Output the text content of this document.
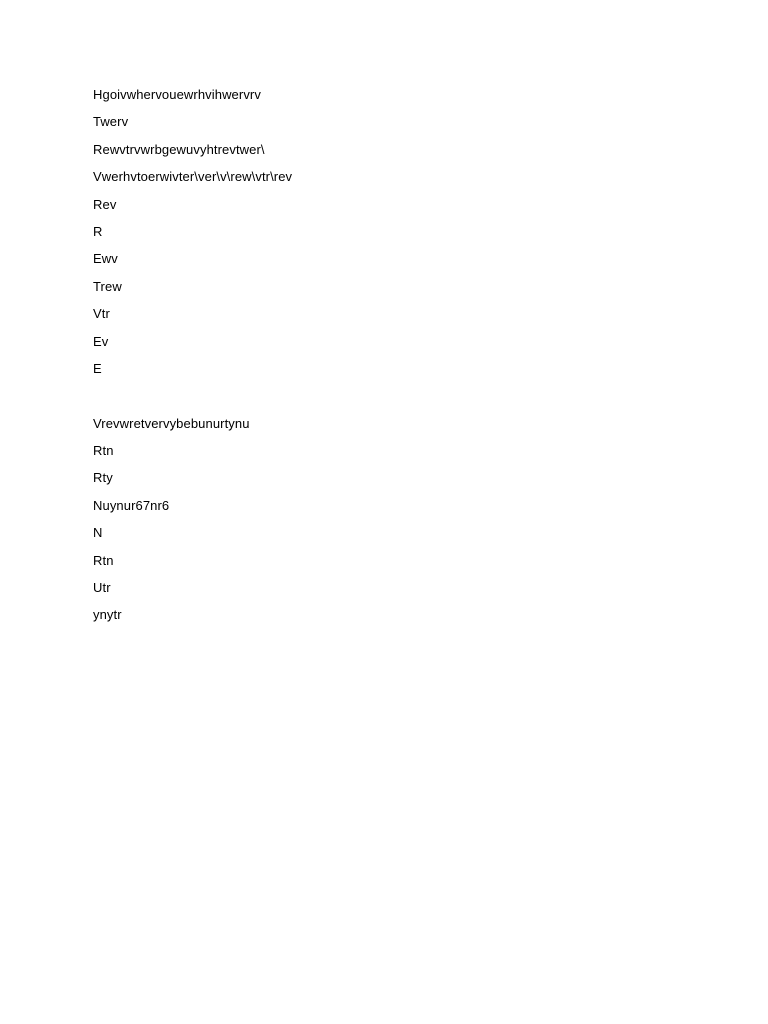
Hgoivwhervouewrhvihwervrv
Twerv
Rewvtrvwrbgewuvyhtrevtwer\
Vwerhvtoerwivter\ver\v\rew\vtr\rev
Rev
R
Ewv
Trew
Vtr
Ev
E
Vrevwretvervybebunurtynu
Rtn
Rty
Nuynur67nr6
N
Rtn
Utr
ynytr
